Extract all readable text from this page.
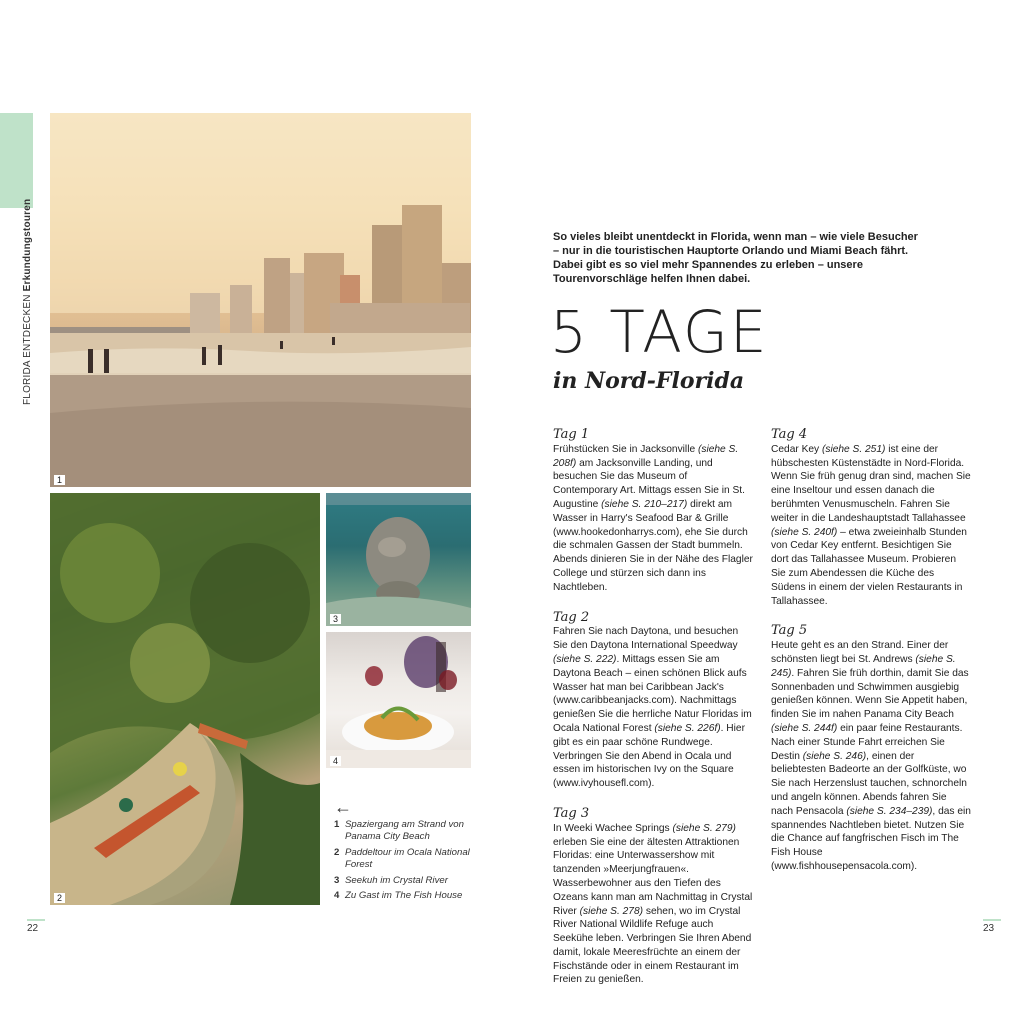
FLORIDA ENTDECKEN Erkundungstouren
1
2
3
4
←
1 Spaziergang am Strand von Panama City Beach
2 Paddeltour im Ocala National Forest
3 Seekuh im Crystal River
4 Zu Gast im The Fish House
22	23
So vieles bleibt unentdeckt in Florida, wenn man – wie viele Besucher – nur in die touristischen Hauptorte Orlando und Miami Beach fährt. Dabei gibt es so viel mehr Spannendes zu erleben – unsere Tourenvorschläge helfen Ihnen dabei.
5 TAGE
in Nord-Florida
Tag 1

Frühstücken Sie in Jacksonville (siehe S. 208f) am Jacksonville Landing, und besuchen Sie das Museum of Contemporary Art. Mittags essen Sie in St. Augustine (siehe S. 210–217) direkt am Wasser in Harry's Seafood Bar & Grille (www.hookedonharrys.com), ehe Sie durch die schmalen Gassen der Stadt bummeln. Abends dinieren Sie in der Nähe des Flagler College und stürzen sich dann ins Nachtleben.

Tag 2

Fahren Sie nach Daytona, und besuchen Sie den Daytona International Speedway (siehe S. 222). Mittags essen Sie am Daytona Beach – einen schönen Blick aufs Wasser hat man bei Caribbean Jack's (www.caribbeanjacks.com). Nachmittags genießen Sie die herrliche Natur Floridas im Ocala National Forest (siehe S. 226f). Hier gibt es ein paar schöne Rundwege. Verbringen Sie den Abend in Ocala und essen im historischen Ivy on the Square (www.ivyhousefl.com).

Tag 3

In Weeki Wachee Springs (siehe S. 279) erleben Sie eine der ältesten Attraktionen Floridas: eine Unterwassershow mit tanzenden »Meerjungfrauen«. Wasserbewohner aus den Tiefen des Ozeans kann man am Nachmittag in Crystal River (siehe S. 278) sehen, wo im Crystal River National Wildlife Refuge auch Seekühe leben. Verbringen Sie Ihren Abend damit, lokale Meeresfrüchte an einem der Fischstände oder in einem Restaurant im Freien zu genießen.

Tag 4

Cedar Key (siehe S. 251) ist eine der hübschesten Küstenstädte in Nord-Florida. Wenn Sie früh genug dran sind, machen Sie eine Inseltour und essen danach die berühmten Venusmuscheln. Fahren Sie weiter in die Landeshauptstadt Tallahassee (siehe S. 240f) – etwa zweieinhalb Stunden von Cedar Key entfernt. Besichtigen Sie dort das Tallahassee Museum. Probieren Sie zum Abendessen die Küche des Südens in einem der vielen Restaurants in Tallahassee.

Tag 5

Heute geht es an den Strand. Einer der schönsten liegt bei St. Andrews (siehe S. 245). Fahren Sie früh dorthin, damit Sie das Sonnenbaden und Schwimmen ausgiebig genießen können. Wenn Sie Appetit haben, finden Sie im nahen Panama City Beach (siehe S. 244f) ein paar feine Restaurants. Nach einer Stunde Fahrt erreichen Sie Destin (siehe S. 246), einen der beliebtesten Badeorte an der Golfküste, wo Sie nach Herzenslust tauchen, schnorcheln und angeln können. Abends fahren Sie nach Pensacola (siehe S. 234–239), das ein spannendes Nachtleben bietet. Nutzen Sie die Chance auf fangfrischen Fisch im The Fish House (www.fishhousepensacola.com).
